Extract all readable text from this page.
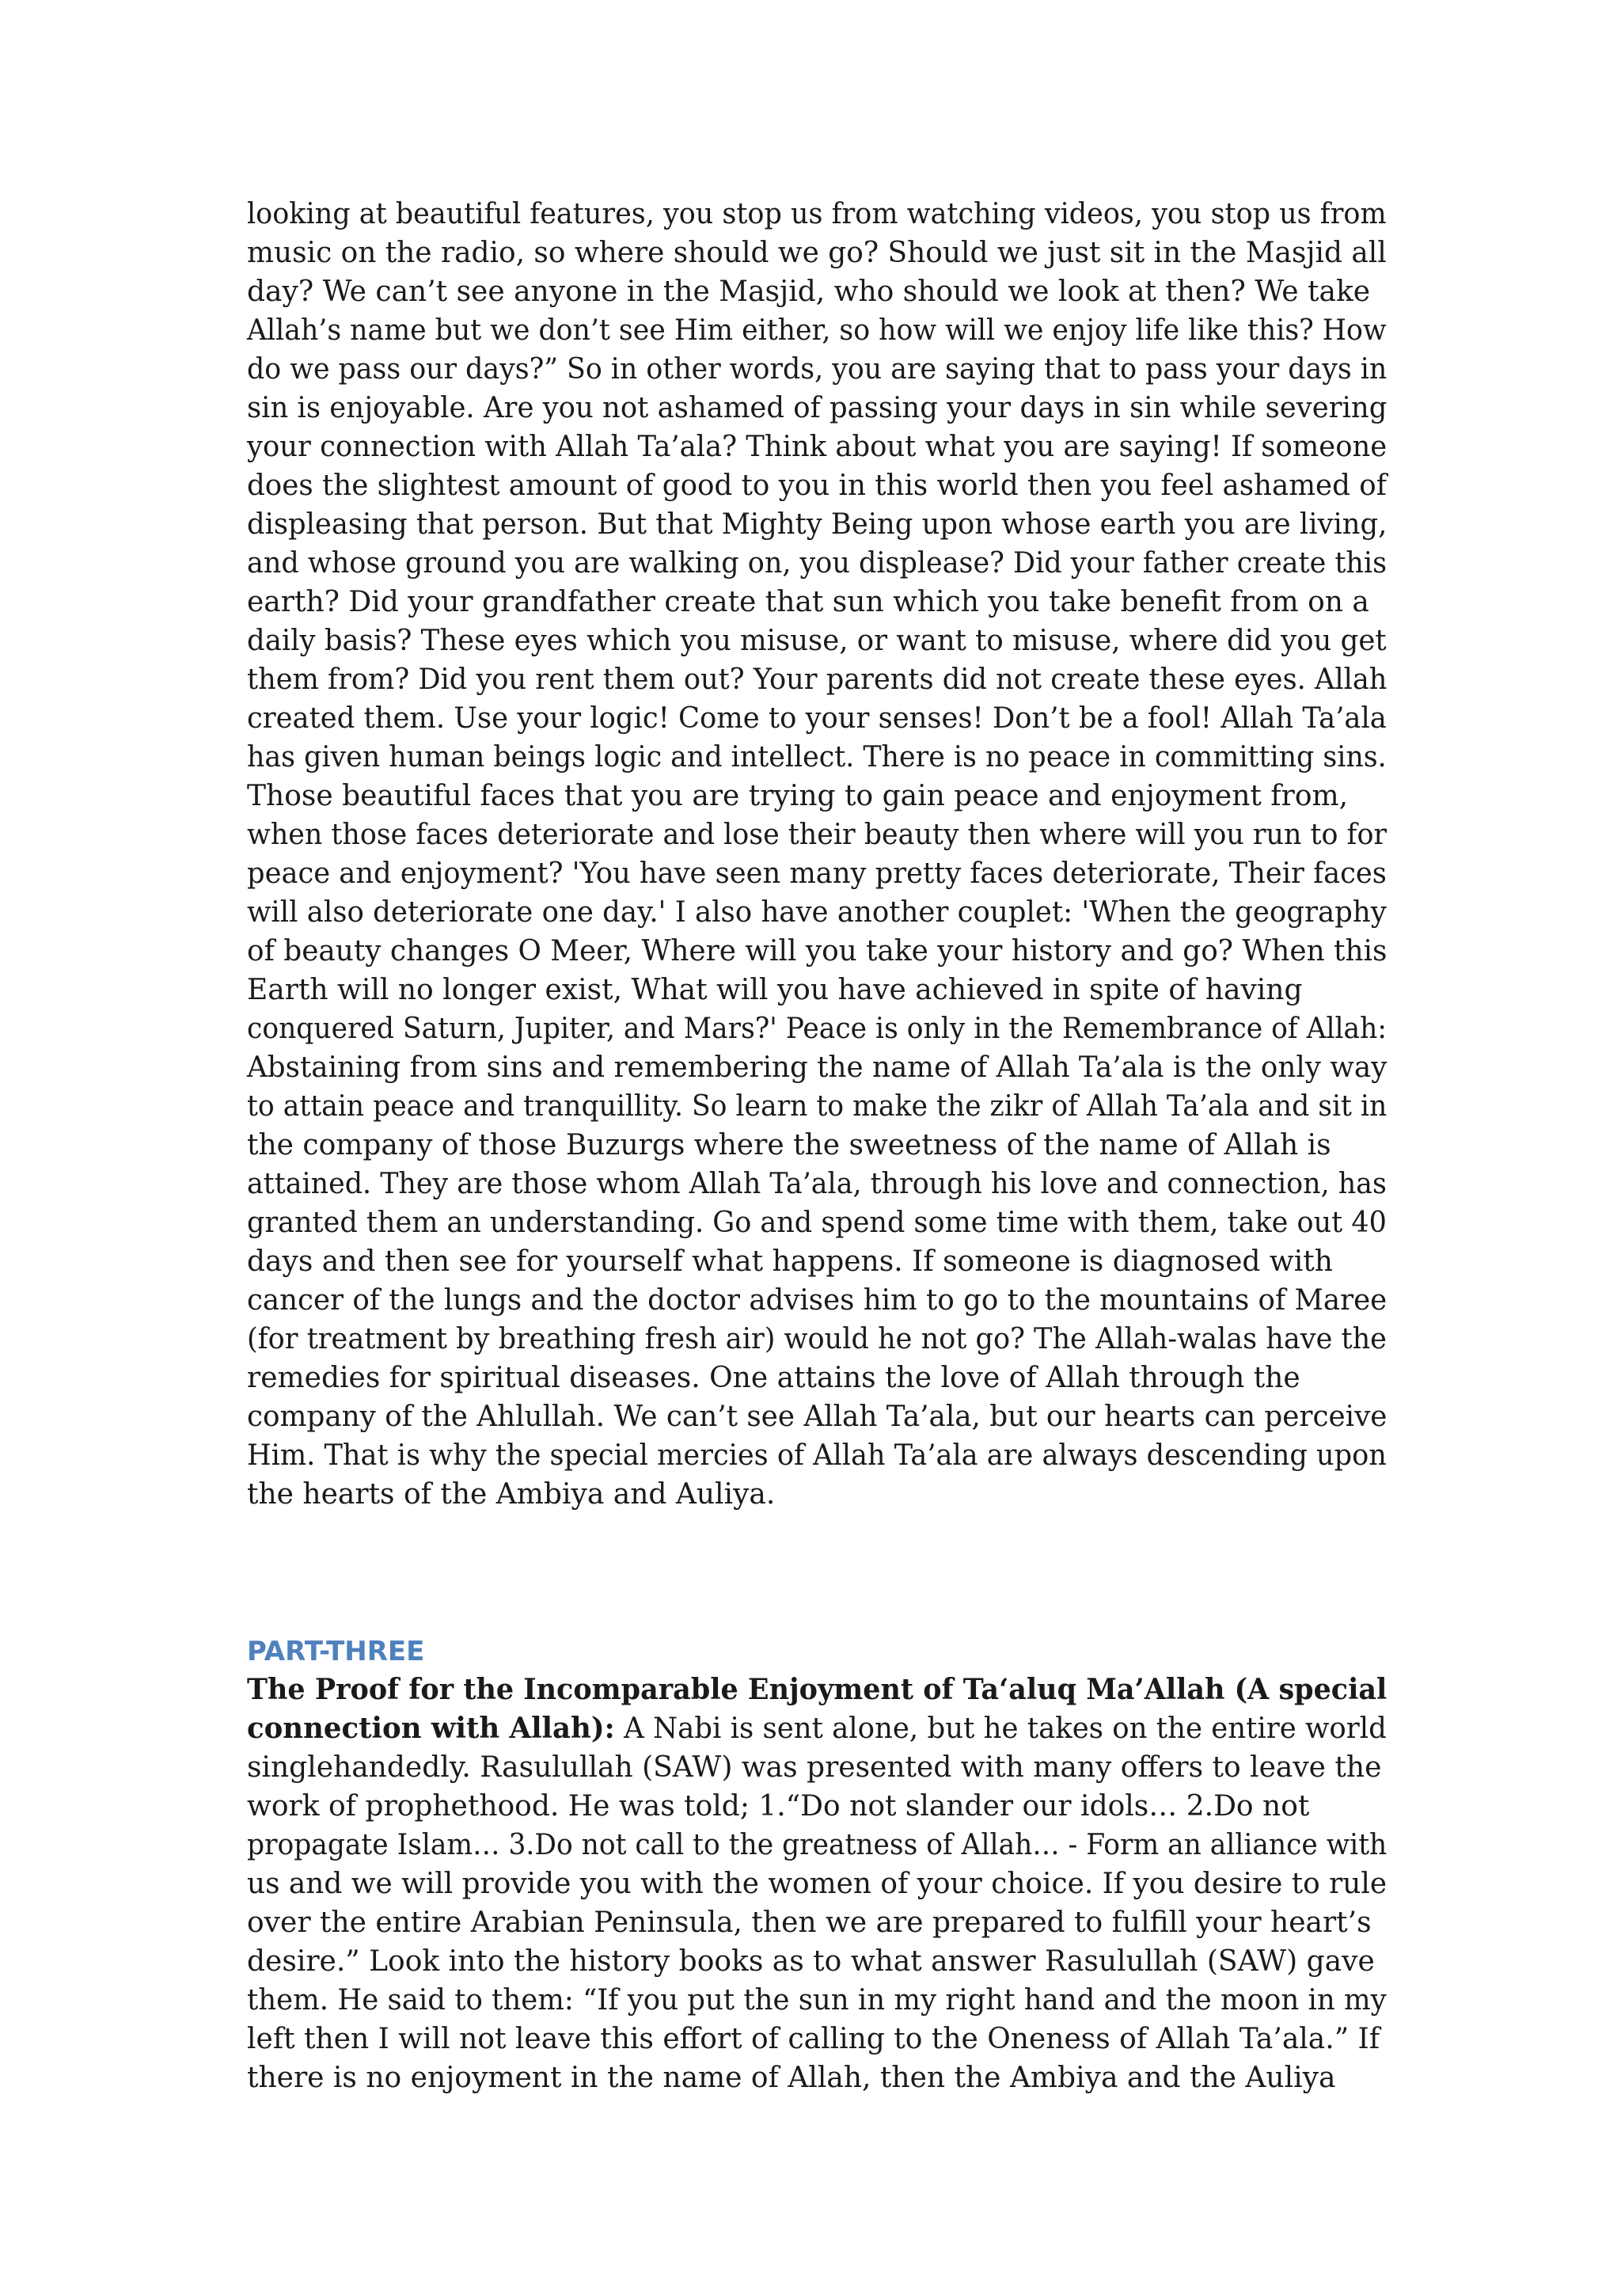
looking at beautiful features, you stop us from watching videos, you stop us from
music on the radio, so where should we go? Should we just sit in the Masjid all
day? We can’t see anyone in the Masjid, who should we look at then? We take
Allah’s name but we don’t see Him either, so how will we enjoy life like this? How
do we pass our days?” So in other words, you are saying that to pass your days in
sin is enjoyable. Are you not ashamed of passing your days in sin while severing
your connection with Allah Ta’ala? Think about what you are saying! If someone
does the slightest amount of good to you in this world then you feel ashamed of
displeasing that person. But that Mighty Being upon whose earth you are living,
and whose ground you are walking on, you displease? Did your father create this
earth? Did your grandfather create that sun which you take benefit from on a
daily basis? These eyes which you misuse, or want to misuse, where did you get
them from? Did you rent them out? Your parents did not create these eyes. Allah
created them. Use your logic! Come to your senses! Don’t be a fool! Allah Ta’ala
has given human beings logic and intellect. There is no peace in committing sins.
Those beautiful faces that you are trying to gain peace and enjoyment from,
when those faces deteriorate and lose their beauty then where will you run to for
peace and enjoyment? 'You have seen many pretty faces deteriorate, Their faces
will also deteriorate one day.' I also have another couplet: 'When the geography
of beauty changes O Meer, Where will you take your history and go? When this
Earth will no longer exist, What will you have achieved in spite of having
conquered Saturn, Jupiter, and Mars?' Peace is only in the Remembrance of Allah:
Abstaining from sins and remembering the name of Allah Ta’ala is the only way
to attain peace and tranquillity. So learn to make the zikr of Allah Ta’ala and sit in
the company of those Buzurgs where the sweetness of the name of Allah is
attained. They are those whom Allah Ta’ala, through his love and connection, has
granted them an understanding. Go and spend some time with them, take out 40
days and then see for yourself what happens. If someone is diagnosed with
cancer of the lungs and the doctor advises him to go to the mountains of Maree
(for treatment by breathing fresh air) would he not go? The Allah-walas have the
remedies for spiritual diseases. One attains the love of Allah through the
company of the Ahlullah. We can’t see Allah Ta’ala, but our hearts can perceive
Him. That is why the special mercies of Allah Ta’ala are always descending upon
the hearts of the Ambiya and Auliya.
PART-THREE
The Proof for the Incomparable Enjoyment of Ta‘aluq Ma’Allah (A special
connection with Allah): A Nabi is sent alone, but he takes on the entire world
singlehandedly. Rasulullah (SAW) was presented with many offers to leave the
work of prophethood. He was told; 1.“Do not slander our idols… 2.Do not
propagate Islam… 3.Do not call to the greatness of Allah… - Form an alliance with
us and we will provide you with the women of your choice. If you desire to rule
over the entire Arabian Peninsula, then we are prepared to fulfill your heart’s
desire.” Look into the history books as to what answer Rasulullah (SAW) gave
them. He said to them: “If you put the sun in my right hand and the moon in my
left then I will not leave this effort of calling to the Oneness of Allah Ta’ala.” If
there is no enjoyment in the name of Allah, then the Ambiya and the Auliya
